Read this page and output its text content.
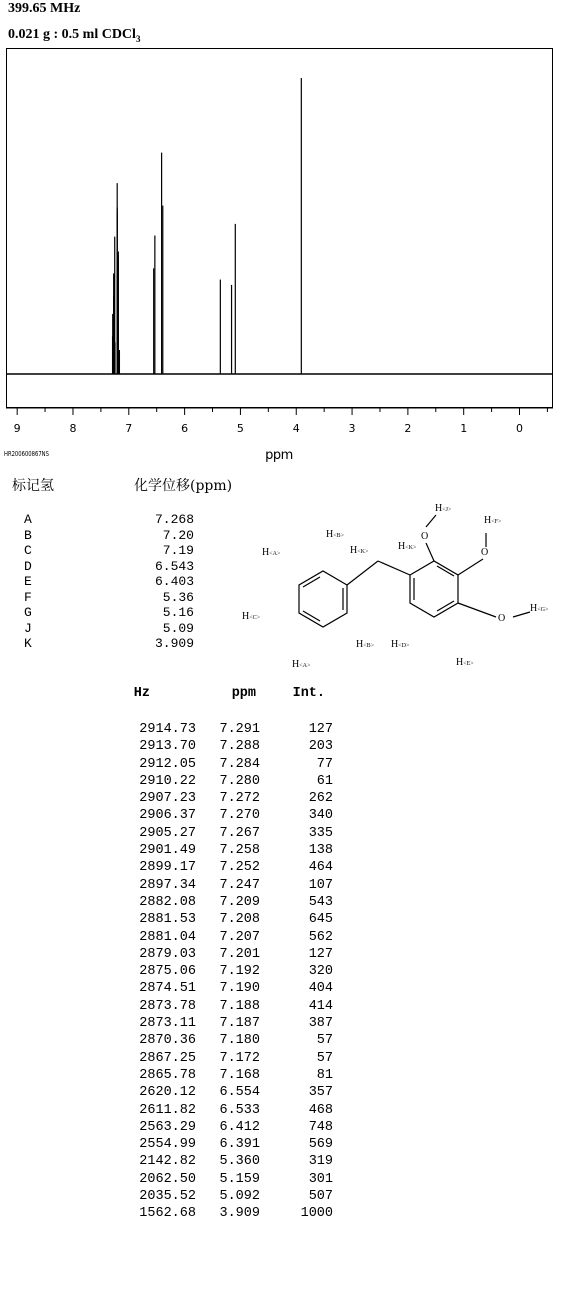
399.65 MHz
0.021 g : 0.5 ml CDCl$_3$
9	8	7	6	5	4	3	2	1	0
ppm
HR200600867NS
标记氢	化学位移(ppm)
A	7.268
B	7.20
C	7.19
D	6.543
E	6.403
F	5.36
G	5.16
J	5.09
K	3.909
O
O
O
H<J>
H<F>
H<G>
H<B>
H<A>	H<K>	H<K>
H<C>
H<B> H<D>
H<A>	H<E>
Hz	ppm	Int.
2914.73	7.291	127
2913.70	7.288	203
2912.05	7.284	77
2910.22	7.280	61
2907.23	7.272	262
2906.37	7.270	340
2905.27	7.267	335
2901.49	7.258	138
2899.17	7.252	464
2897.34	7.247	107
2882.08	7.209	543
2881.53	7.208	645
2881.04	7.207	562
2879.03	7.201	127
2875.06	7.192	320
2874.51	7.190	404
2873.78	7.188	414
2873.11	7.187	387
2870.36	7.180	57
2867.25	7.172	57
2865.78	7.168	81
2620.12	6.554	357
2611.82	6.533	468
2563.29	6.412	748
2554.99	6.391	569
2142.82	5.360	319
2062.50	5.159	301
2035.52	5.092	507
1562.68	3.909	1000
